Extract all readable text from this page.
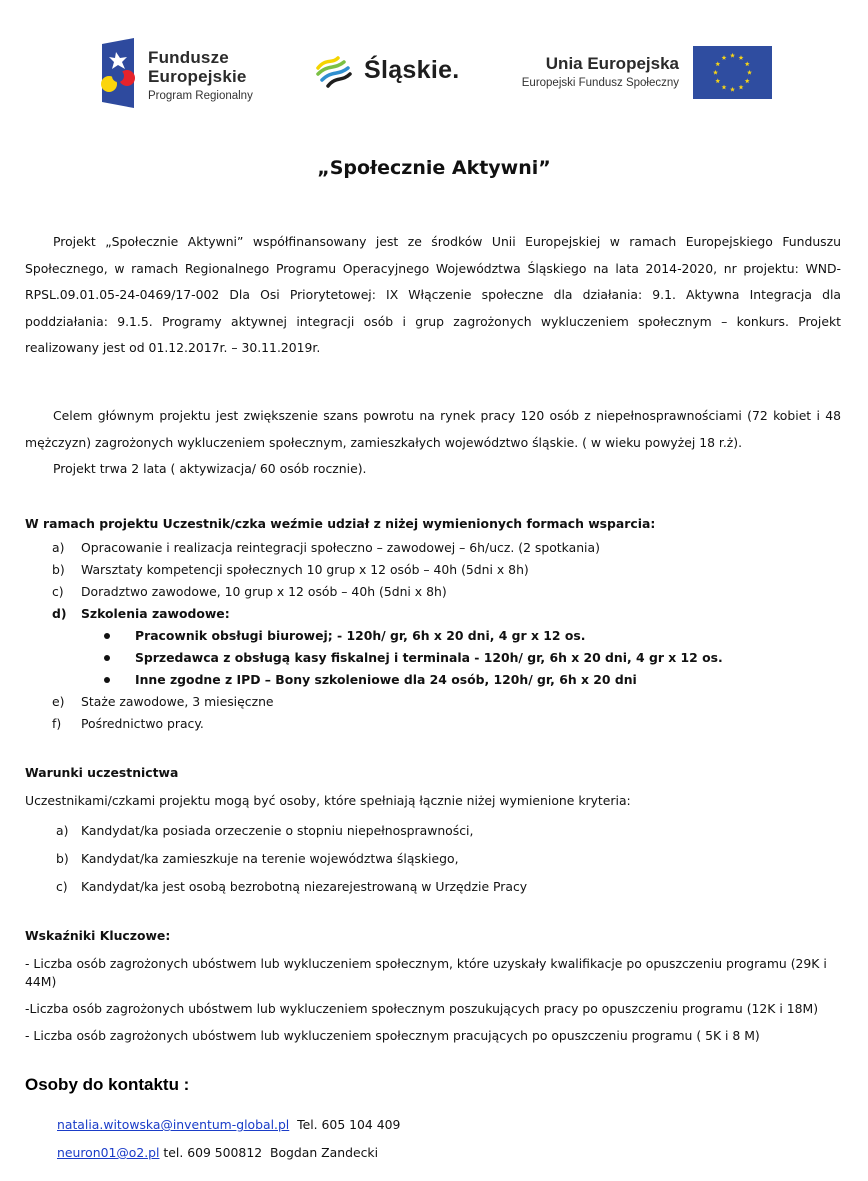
Fundusze
Europejskie
Program Regionalny
Śląskie.	Unia Europejska
Europejski Fundusz Społeczny
„Społecznie Aktywni”
Projekt „Społecznie Aktywni” współfinansowany jest ze środków Unii Europejskiej w ramach Europejskiego Funduszu Społecznego, w ramach Regionalnego Programu Operacyjnego Województwa Śląskiego na lata 2014-2020, nr projektu: WND-RPSL.09.01.05-24-0469/17-002 Dla Osi Priorytetowej: IX Włączenie społeczne dla działania: 9.1. Aktywna Integracja dla poddziałania: 9.1.5. Programy aktywnej integracji osób i grup zagrożonych wykluczeniem społecznym – konkurs. Projekt realizowany jest od 01.12.2017r. – 30.11.2019r.
Celem głównym projektu jest zwiększenie szans powrotu na rynek pracy 120 osób z niepełnosprawnościami (72 kobiet i 48 mężczyzn) zagrożonych wykluczeniem społecznym, zamieszkałych województwo śląskie. ( w wieku powyżej 18 r.ż).
Projekt trwa 2 lata ( aktywizacja/ 60 osób rocznie).
W ramach projektu Uczestnik/czka weźmie udział z niżej wymienionych formach wsparcia:
a)	Opracowanie i realizacja reintegracji społeczno – zawodowej – 6h/ucz. (2 spotkania)
b)	Warsztaty kompetencji społecznych 10 grup x 12 osób – 40h (5dni x 8h)
c)	Doradztwo zawodowe, 10 grup x 12 osób – 40h (5dni x 8h)
d)	Szkolenia zawodowe:
Pracownik obsługi biurowej; - 120h/ gr, 6h x 20 dni, 4 gr x 12 os.
Sprzedawca z obsługą kasy fiskalnej i terminala - 120h/ gr, 6h x 20 dni, 4 gr x 12 os.
Inne zgodne z IPD – Bony szkoleniowe dla 24 osób, 120h/ gr, 6h x 20 dni
e)	Staże zawodowe, 3 miesięczne
f)	Pośrednictwo pracy.
Warunki uczestnictwa
Uczestnikami/czkami projektu mogą być osoby, które spełniają łącznie niżej wymienione kryteria:
a) Kandydat/ka posiada orzeczenie o stopniu niepełnosprawności,
b) Kandydat/ka zamieszkuje na terenie województwa śląskiego,
c) Kandydat/ka jest osobą bezrobotną niezarejestrowaną w Urzędzie Pracy
Wskaźniki Kluczowe:
- Liczba osób zagrożonych ubóstwem lub wykluczeniem społecznym, które uzyskały kwalifikacje po opuszczeniu programu (29K i 44M)
-Liczba osób zagrożonych ubóstwem lub wykluczeniem społecznym poszukujących pracy po opuszczeniu programu (12K i 18M)
- Liczba osób zagrożonych ubóstwem lub wykluczeniem społecznym pracujących po opuszczeniu programu ( 5K i 8 M)
Osoby do kontaktu :
natalia.witowska@inventum-global.pl  Tel. 605 104 409
neuron01@o2.pl tel. 609 500812  Bogdan Zandecki
